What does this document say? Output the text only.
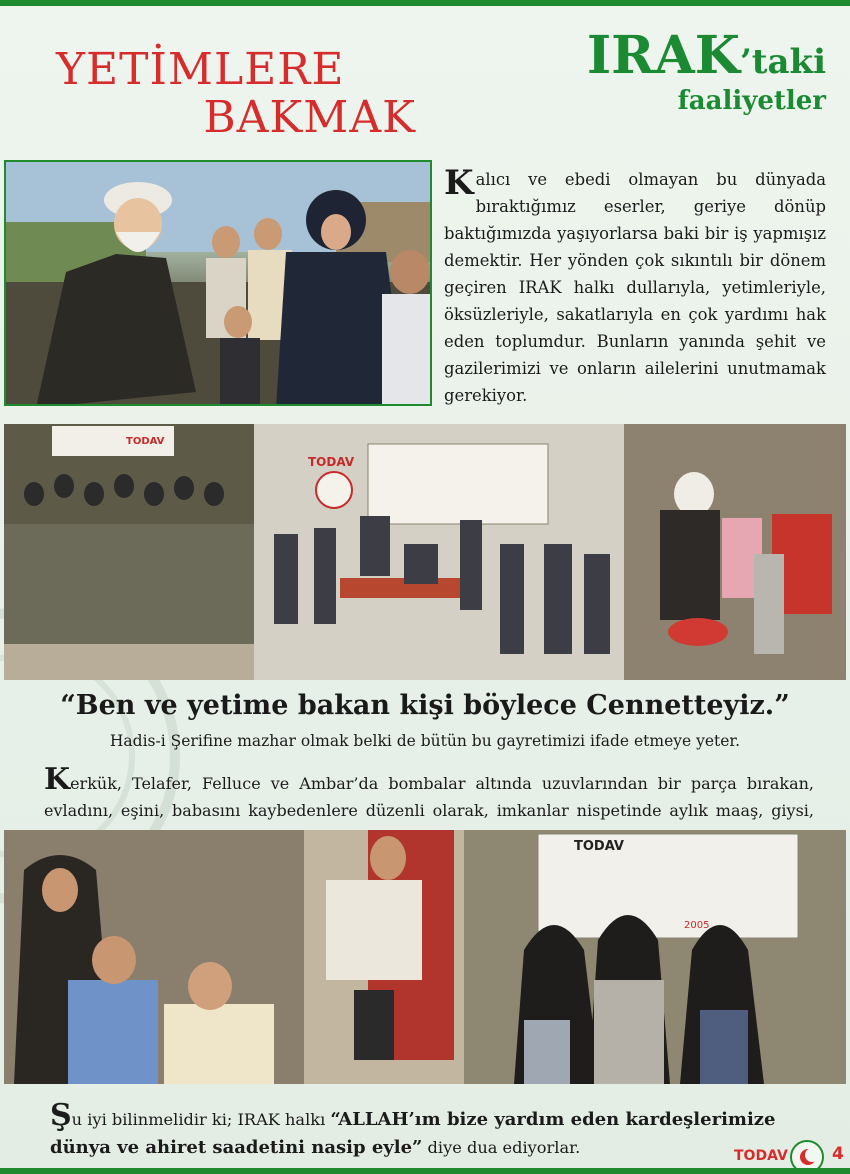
YETİMLERE
BAKMAK
IRAK’taki
faaliyetler
Kalıcı ve ebedi olmayan bu dünyada bıraktığımız eserler, geriye dönüp baktığımızda yaşıyorlarsa baki bir iş yapmışız demektir. Her yönden çok sıkıntılı bir dönem geçiren IRAK halkı dullarıyla, yetimleriyle, öksüzleriyle, sakatlarıyla en çok yardımı hak eden toplumdur. Bunların yanında şehit ve gazilerimizi ve onların ailelerini unutmamak gerekiyor.
TODAV
TODAV
“Ben ve yetime bakan kişi böylece Cennetteyiz.”
Hadis-i Şerifine mazhar olmak belki de bütün bu gayretimizi ifade etmeye yeter.
Kerkük, Telafer, Felluce ve Ambar’da bombalar altında uzuvlarından bir parça bırakan, evladını, eşini, babasını kaybedenlere düzenli olarak, imkanlar nispetinde aylık maaş, giysi,
TODAV
2005
Şu iyi bilinmelidir ki; IRAK halkı “ALLAH’ım bize yardım eden kardeşlerimize dünya ve ahiret saadetini nasip eyle” diye dua ediyorlar.	TODAV	4
